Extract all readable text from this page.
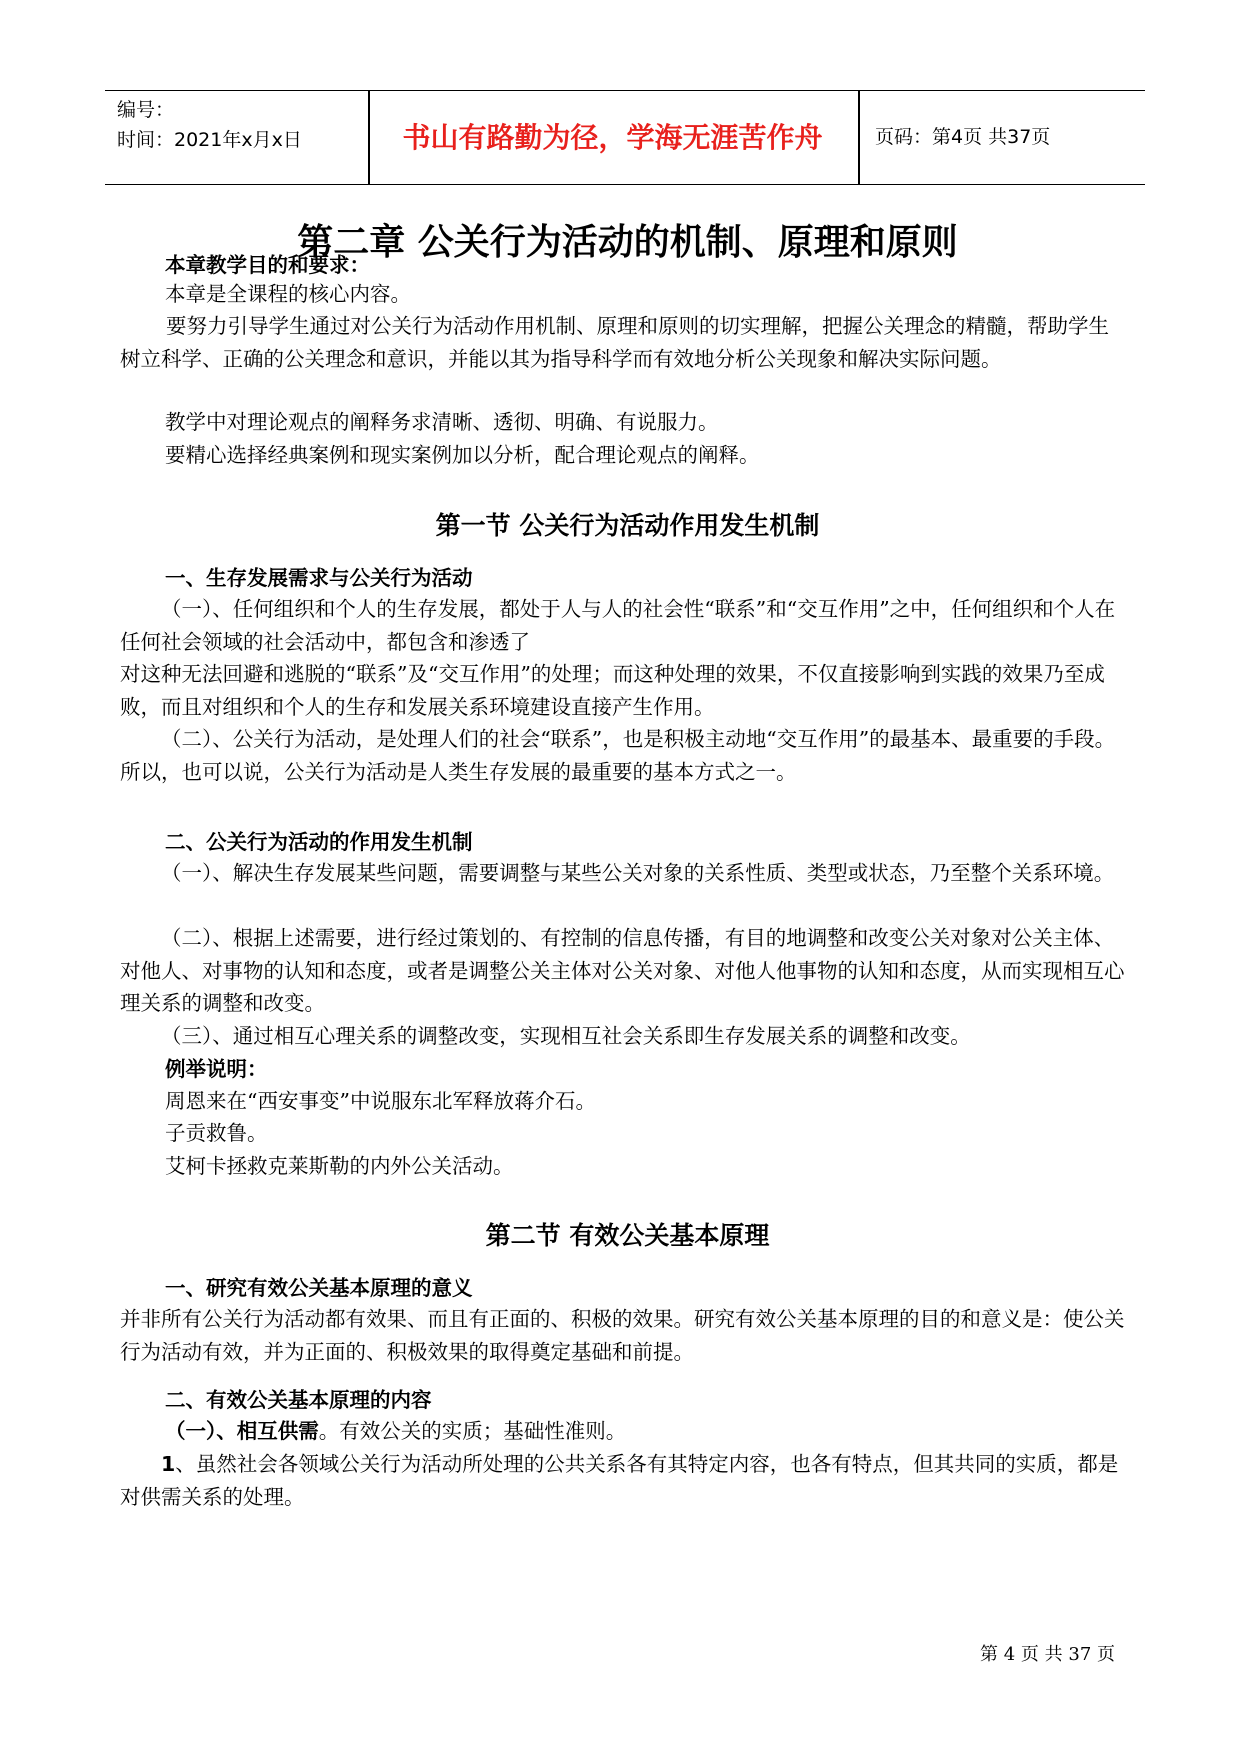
编号：
时间：2021年x月x日	书山有路勤为径，学海无涯苦作舟	页码：第4页 共37页
第二章 公关行为活动的机制、原理和原则
本章教学目的和要求：
本章是全课程的核心内容。
要努力引导学生通过对公关行为活动作用机制、原理和原则的切实理解，把握公关理念的精髓，帮助学生树立科学、正确的公关理念和意识，并能以其为指导科学而有效地分析公关现象和解决实际问题。
教学中对理论观点的阐释务求清晰、透彻、明确、有说服力。
要精心选择经典案例和现实案例加以分析，配合理论观点的阐释。
第一节 公关行为活动作用发生机制
一、生存发展需求与公关行为活动
（一）、任何组织和个人的生存发展，都处于人与人的社会性“联系”和“交互作用”之中，任何组织和个人在任何社会领域的社会活动中，都包含和渗透了
对这种无法回避和逃脱的“联系”及“交互作用”的处理；而这种处理的效果，不仅直接影响到实践的效果乃至成败，而且对组织和个人的生存和发展关系环境建设直接产生作用。
（二）、公关行为活动，是处理人们的社会“联系”，也是积极主动地“交互作用”的最基本、最重要的手段。所以，也可以说，公关行为活动是人类生存发展的最重要的基本方式之一。
二、公关行为活动的作用发生机制
（一）、解决生存发展某些问题，需要调整与某些公关对象的关系性质、类型或状态，乃至整个关系环境。
（二）、根据上述需要，进行经过策划的、有控制的信息传播，有目的地调整和改变公关对象对公关主体、对他人、对事物的认知和态度，或者是调整公关主体对公关对象、对他人他事物的认知和态度，从而实现相互心理关系的调整和改变。
（三）、通过相互心理关系的调整改变，实现相互社会关系即生存发展关系的调整和改变。
例举说明：
周恩来在“西安事变”中说服东北军释放蒋介石。
子贡救鲁。
艾柯卡拯救克莱斯勒的内外公关活动。
第二节 有效公关基本原理
一、研究有效公关基本原理的意义
并非所有公关行为活动都有效果、而且有正面的、积极的效果。研究有效公关基本原理的目的和意义是：使公关行为活动有效，并为正面的、积极效果的取得奠定基础和前提。
二、有效公关基本原理的内容
（一）、相互供需。有效公关的实质；基础性准则。
1、虽然社会各领域公关行为活动所处理的公共关系各有其特定内容，也各有特点，但其共同的实质，都是对供需关系的处理。
第 4 页 共 37 页
